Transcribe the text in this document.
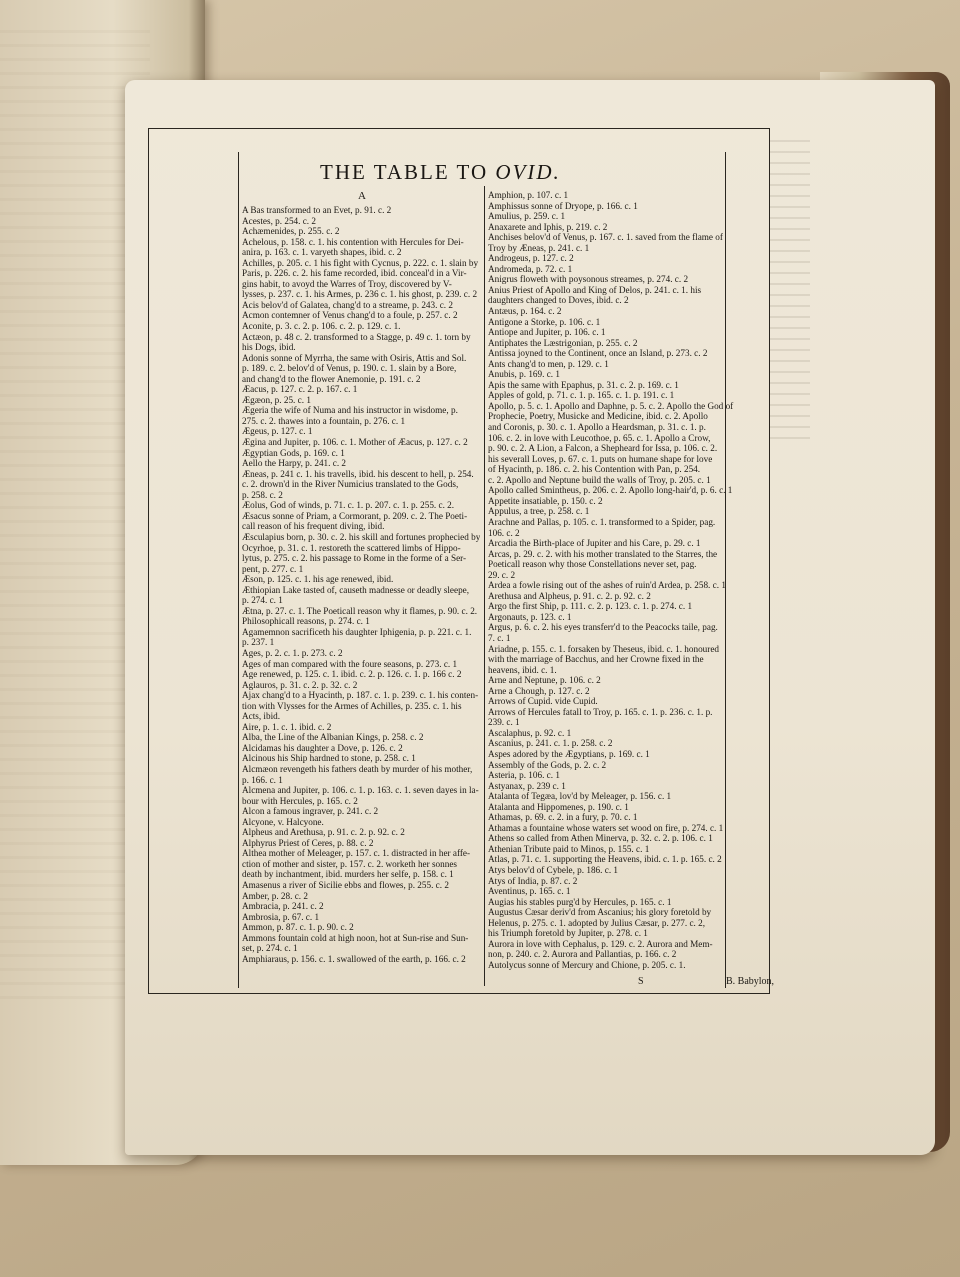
THE TABLE TO OVID.
A
A Bas transformed to an Evet, p. 91. c. 2
Acestes, p. 254. c. 2
Achæmenides, p. 255. c. 2
Achelous, p. 158. c. 1. his contention with Hercules for Dei-
anira, p. 163. c. 1. varyeth shapes, ibid. c. 2
Achilles, p. 205. c. 1 his fight with Cycnus, p. 222. c. 1. slain by
Paris, p. 226. c. 2. his fame recorded, ibid. conceal'd in a Vir-
gins habit, to avoyd the Warres of Troy, discovered by V-
lysses, p. 237. c. 1. his Armes, p. 236 c. 1. his ghost, p. 239. c. 2
Acis belov'd of Galatea, chang'd to a streame, p. 243. c. 2
Acmon contemner of Venus chang'd to a foule, p. 257. c. 2
Aconite, p. 3. c. 2. p. 106. c. 2. p. 129. c. 1.
Actæon, p. 48 c. 2. transformed to a Stagge, p. 49 c. 1. torn by
his Dogs, ibid.
Adonis sonne of Myrrha, the same with Osiris, Attis and Sol.
p. 189. c. 2. belov'd of Venus, p. 190. c. 1. slain by a Bore,
and chang'd to the flower Anemonie, p. 191. c. 2
Æacus, p. 127. c. 2. p. 167. c. 1
Ægæon, p. 25. c. 1
Ægeria the wife of Numa and his instructor in wisdome, p.
275. c. 2. thawes into a fountain, p. 276. c. 1
Ægeus, p. 127. c. 1
Ægina and Jupiter, p. 106. c. 1. Mother of Æacus, p. 127. c. 2
Ægyptian Gods, p. 169. c. 1
Aello the Harpy, p. 241. c. 2
Æneas, p. 241 c. 1. his travells, ibid. his descent to hell, p. 254.
c. 2. drown'd in the River Numicius translated to the Gods,
p. 258. c. 2
Æolus, God of winds, p. 71. c. 1. p. 207. c. 1. p. 255. c. 2.
Æsacus sonne of Priam, a Cormorant, p. 209. c. 2. The Poeti-
call reason of his frequent diving, ibid.
Æsculapius born, p. 30. c. 2. his skill and fortunes prophecied by
Ocyrhoe, p. 31. c. 1. restoreth the scattered limbs of Hippo-
lytus, p. 275. c. 2. his passage to Rome in the forme of a Ser-
pent, p. 277. c. 1
Æson, p. 125. c. 1. his age renewed, ibid.
Æthiopian Lake tasted of, causeth madnesse or deadly sleepe,
p. 274. c. 1
Ætna, p. 27. c. 1. The Poeticall reason why it flames, p. 90. c. 2.
Philosophicall reasons, p. 274. c. 1
Agamemnon sacrificeth his daughter Iphigenia, p. p. 221. c. 1.
p. 237. 1
Ages, p. 2. c. 1. p. 273. c. 2
Ages of man compared with the foure seasons, p. 273. c. 1
Age renewed, p. 125. c. 1. ibid. c. 2. p. 126. c. 1. p. 166 c. 2
Aglauros, p. 31. c. 2. p. 32. c. 2
Ajax chang'd to a Hyacinth, p. 187. c. 1. p. 239. c. 1. his conten-
tion with Vlysses for the Armes of Achilles, p. 235. c. 1. his
Acts, ibid.
Aire, p. 1. c. 1. ibid. c. 2
Alba, the Line of the Albanian Kings, p. 258. c. 2
Alcidamas his daughter a Dove, p. 126. c. 2
Alcinous his Ship hardned to stone, p. 258. c. 1
Alcmæon revengeth his fathers death by murder of his mother,
p. 166. c. 1
Alcmena and Jupiter, p. 106. c. 1. p. 163. c. 1. seven dayes in la-
bour with Hercules, p. 165. c. 2
Alcon a famous ingraver, p. 241. c. 2
Alcyone, v. Halcyone.
Alpheus and Arethusa, p. 91. c. 2. p. 92. c. 2
Alphyrus Priest of Ceres, p. 88. c. 2
Althea mother of Meleager, p. 157. c. 1. distracted in her affe-
ction of mother and sister, p. 157. c. 2. worketh her sonnes
death by inchantment, ibid. murders her selfe, p. 158. c. 1
Amasenus a river of Sicilie ebbs and flowes, p. 255. c. 2
Amber, p. 28. c. 2
Ambracia, p. 241. c. 2
Ambrosia, p. 67. c. 1
Ammon, p. 87. c. 1. p. 90. c. 2
Ammons fountain cold at high noon, hot at Sun-rise and Sun-
set, p. 274. c. 1
Amphiaraus, p. 156. c. 1. swallowed of the earth, p. 166. c. 2
Amphion, p. 107. c. 1
Amphissus sonne of Dryope, p. 166. c. 1
Amulius, p. 259. c. 1
Anaxarete and Iphis, p. 219. c. 2
Anchises belov'd of Venus, p. 167. c. 1. saved from the flame of
Troy by Æneas, p. 241. c. 1
Androgeus, p. 127. c. 2
Andromeda, p. 72. c. 1
Anigrus floweth with poysonous streames, p. 274. c. 2
Anius Priest of Apollo and King of Delos, p. 241. c. 1. his
daughters changed to Doves, ibid. c. 2
Antæus, p. 164. c. 2
Antigone a Storke, p. 106. c. 1
Antiope and Jupiter, p. 106. c. 1
Antiphates the Læstrigonian, p. 255. c. 2
Antissa joyned to the Continent, once an Island, p. 273. c. 2
Ants chang'd to men, p. 129. c. 1
Anubis, p. 169. c. 1
Apis the same with Epaphus, p. 31. c. 2. p. 169. c. 1
Apples of gold, p. 71. c. 1. p. 165. c. 1. p. 191. c. 1
Apollo, p. 5. c. 1. Apollo and Daphne, p. 5. c. 2. Apollo the God of
Prophecie, Poetry, Musicke and Medicine, ibid. c. 2. Apollo
and Coronis, p. 30. c. 1. Apollo a Heardsman, p. 31. c. 1. p.
106. c. 2. in love with Leucothoe, p. 65. c. 1. Apollo a Crow,
p. 90. c. 2. A Lion, a Falcon, a Shepheard for Issa, p. 106. c. 2.
his severall Loves, p. 67. c. 1. puts on humane shape for love
of Hyacinth, p. 186. c. 2. his Contention with Pan, p. 254.
c. 2. Apollo and Neptune build the walls of Troy, p. 205. c. 1
Apollo called Smintheus, p. 206. c. 2. Apollo long-hair'd, p. 6. c. 1
Appetite insatiable, p. 150. c. 2
Appulus, a tree, p. 258. c. 1
Arachne and Pallas, p. 105. c. 1. transformed to a Spider, pag.
106. c. 2
Arcadia the Birth-place of Jupiter and his Care, p. 29. c. 1
Arcas, p. 29. c. 2. with his mother translated to the Starres, the
Poeticall reason why those Constellations never set, pag.
29. c. 2
Ardea a fowle rising out of the ashes of ruin'd Ardea, p. 258. c. 1
Arethusa and Alpheus, p. 91. c. 2. p. 92. c. 2
Argo the first Ship, p. 111. c. 2. p. 123. c. 1. p. 274. c. 1
Argonauts, p. 123. c. 1
Argus, p. 6. c. 2. his eyes transferr'd to the Peacocks taile, pag.
7. c. 1
Ariadne, p. 155. c. 1. forsaken by Theseus, ibid. c. 1. honoured
with the marriage of Bacchus, and her Crowne fixed in the
heavens, ibid. c. 1.
Arne and Neptune, p. 106. c. 2
Arne a Chough, p. 127. c. 2
Arrows of Cupid. vide Cupid.
Arrows of Hercules fatall to Troy, p. 165. c. 1. p. 236. c. 1. p.
239. c. 1
Ascalaphus, p. 92. c. 1
Ascanius, p. 241. c. 1. p. 258. c. 2
Aspes adored by the Ægyptians, p. 169. c. 1
Assembly of the Gods, p. 2. c. 2
Asteria, p. 106. c. 1
Astyanax, p. 239 c. 1
Atalanta of Tegæa, lov'd by Meleager, p. 156. c. 1
Atalanta and Hippomenes, p. 190. c. 1
Athamas, p. 69. c. 2. in a fury, p. 70. c. 1
Athamas a fountaine whose waters set wood on fire, p. 274. c. 1
Athens so called from Athen Minerva, p. 32. c. 2. p. 106. c. 1
Athenian Tribute paid to Minos, p. 155. c. 1
Atlas, p. 71. c. 1. supporting the Heavens, ibid. c. 1. p. 165. c. 2
Atys belov'd of Cybele, p. 186. c. 1
Atys of India, p. 87. c. 2
Aventinus, p. 165. c. 1
Augias his stables purg'd by Hercules, p. 165. c. 1
Augustus Cæsar deriv'd from Ascanius; his glory foretold by
Helenus, p. 275. c. 1. adopted by Julius Cæsar, p. 277. c. 2,
his Triumph foretold by Jupiter, p. 278. c. 1
Aurora in love with Cephalus, p. 129. c. 2. Aurora and Mem-
non, p. 240. c. 2. Aurora and Pallantias, p. 166. c. 2
Autolycus sonne of Mercury and Chione, p. 205. c. 1.
S	B. Babylon,
